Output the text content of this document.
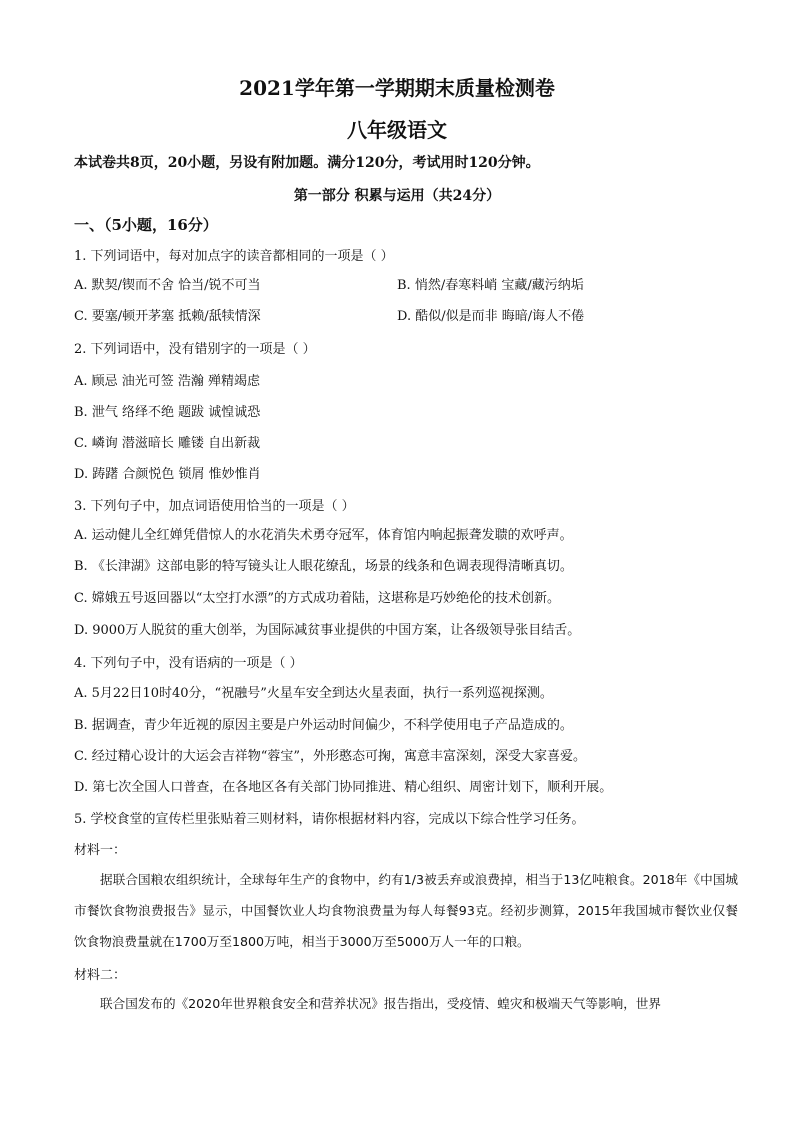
2021学年第一学期期末质量检测卷
八年级语文
本试卷共8页，20小题，另设有附加题。满分120分，考试用时120分钟。
第一部分 积累与运用（共24分）
一、（5小题，16分）
1. 下列词语中，每对加点字的读音都相同的一项是（ ）
A. 默契/锲而不舍 恰当/锐不可当	B. 悄然/春寒料峭 宝藏/藏污纳垢
C. 要塞/顿开茅塞 抵赖/舐犊情深	D. 酷似/似是而非 晦暗/诲人不倦
2. 下列词语中，没有错别字的一项是（ ）
A. 顾忌 油光可签 浩瀚 殚精竭虑
B. 泄气 络绎不绝 题跋 诚惶诚恐
C. 嶙询 潜滋暗长 雕镂 自出新裁
D. 踌躇 合颜悦色 锁屑 惟妙惟肖
3. 下列句子中，加点词语使用恰当的一项是（ ）
A. 运动健儿全红婵凭借惊人的水花消失术勇夺冠军，体育馆内响起振聋发聩的欢呼声。
B. 《长津湖》这部电影的特写镜头让人眼花缭乱，场景的线条和色调表现得清晰真切。
C. 嫦娥五号返回器以“太空打水漂”的方式成功着陆，这堪称是巧妙绝伦的技术创新。
D. 9000万人脱贫的重大创举，为国际减贫事业提供的中国方案，让各级领导张目结舌。
4. 下列句子中，没有语病的一项是（ ）
A. 5月22日10时40分，“祝融号”火星车安全到达火星表面，执行一系列巡视探测。
B. 据调查，青少年近视的原因主要是户外运动时间偏少，不科学使用电子产品造成的。
C. 经过精心设计的大运会吉祥物“蓉宝”，外形憨态可掬，寓意丰富深刻，深受大家喜爱。
D. 第七次全国人口普查，在各地区各有关部门协同推进、精心组织、周密计划下，顺利开展。
5. 学校食堂的宣传栏里张贴着三则材料，请你根据材料内容，完成以下综合性学习任务。
材料一：
据联合国粮农组织统计，全球每年生产的食物中，约有1/3被丢弃或浪费掉，相当于13亿吨粮食。2018年《中国城市餐饮食物浪费报告》显示，中国餐饮业人均食物浪费量为每人每餐93克。经初步测算，2015年我国城市餐饮业仅餐饮食物浪费量就在1700万至1800万吨，相当于3000万至5000万人一年的口粮。
材料二：
联合国发布的《2020年世界粮食安全和营养状况》报告指出，受疫情、蝗灾和极端天气等影响，世界
